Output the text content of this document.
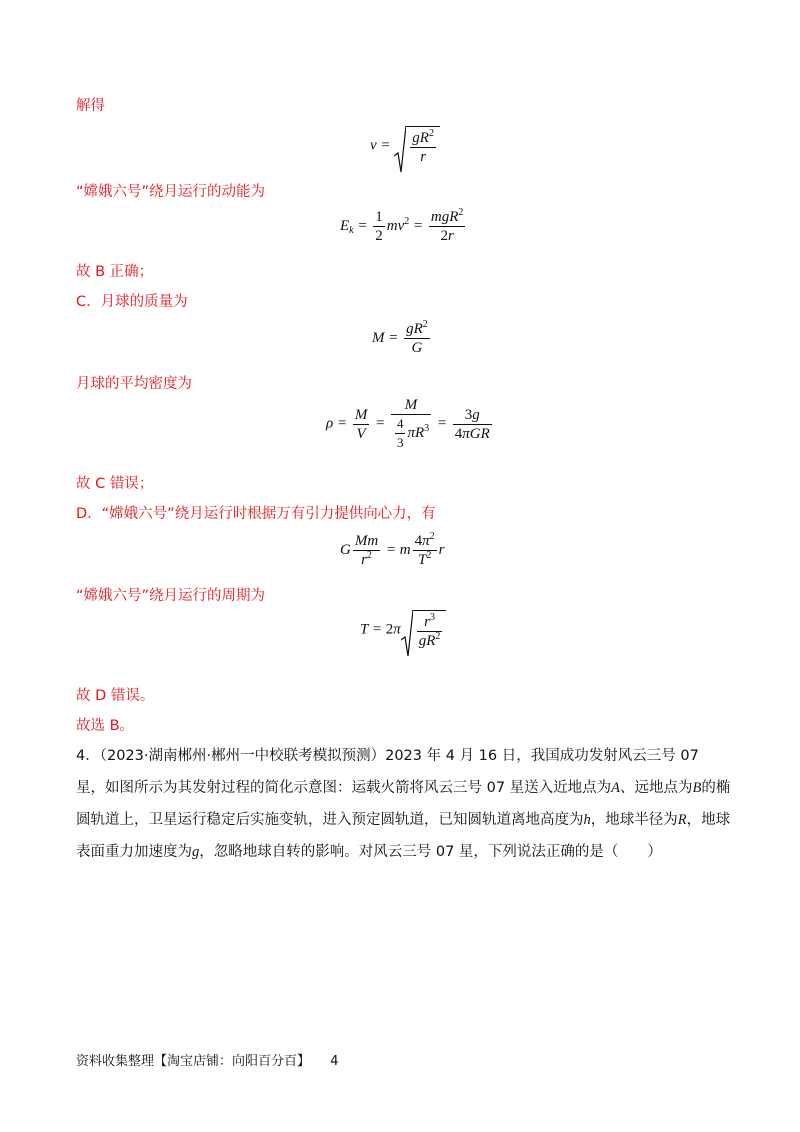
解得
$v = \frac{gR^2}{r}$
“嫦娥六号”绕月运行的动能为
$E_k = \frac{1}{2} mv^2 = \frac{mgR^2}{2r}$
故 B 正确；
C．月球的质量为
$M = \frac{gR^2}{G}$
月球的平均密度为
$\rho = \frac{M}{V} = \frac{M}{\frac{4}{3} \pi R^3} = \frac{3g}{\text{4πGR}}$
故 C 错误；
D．“嫦娥六号”绕月运行时根据万有引力提供向心力，有
G $\frac{Mm}{r^2} = m \frac{4\pi^2}{T^2}$ r
“嫦娥六号”绕月运行的周期为
$T = 2\pi \frac{r^3}{gR^2}$
故 D 错误。
故选 B。
4．（2023·湖南郴州·郴州一中校联考模拟预测）2023 年 4 月 16 日，我国成功发射风云三号 07 星，如图所示为其发射过程的简化示意图：运载火箭将风云三号 07 星送入近地点为A、远地点为B的椭圆轨道上，卫星运行稳定后实施变轨，进入预定圆轨道，已知圆轨道离地高度为h，地球半径为R，地球表面重力加速度为g，忽略地球自转的影响。对风云三号 07 星，下列说法正确的是（　　）
资料收集整理【淘宝店铺：向阳百分百】 4
